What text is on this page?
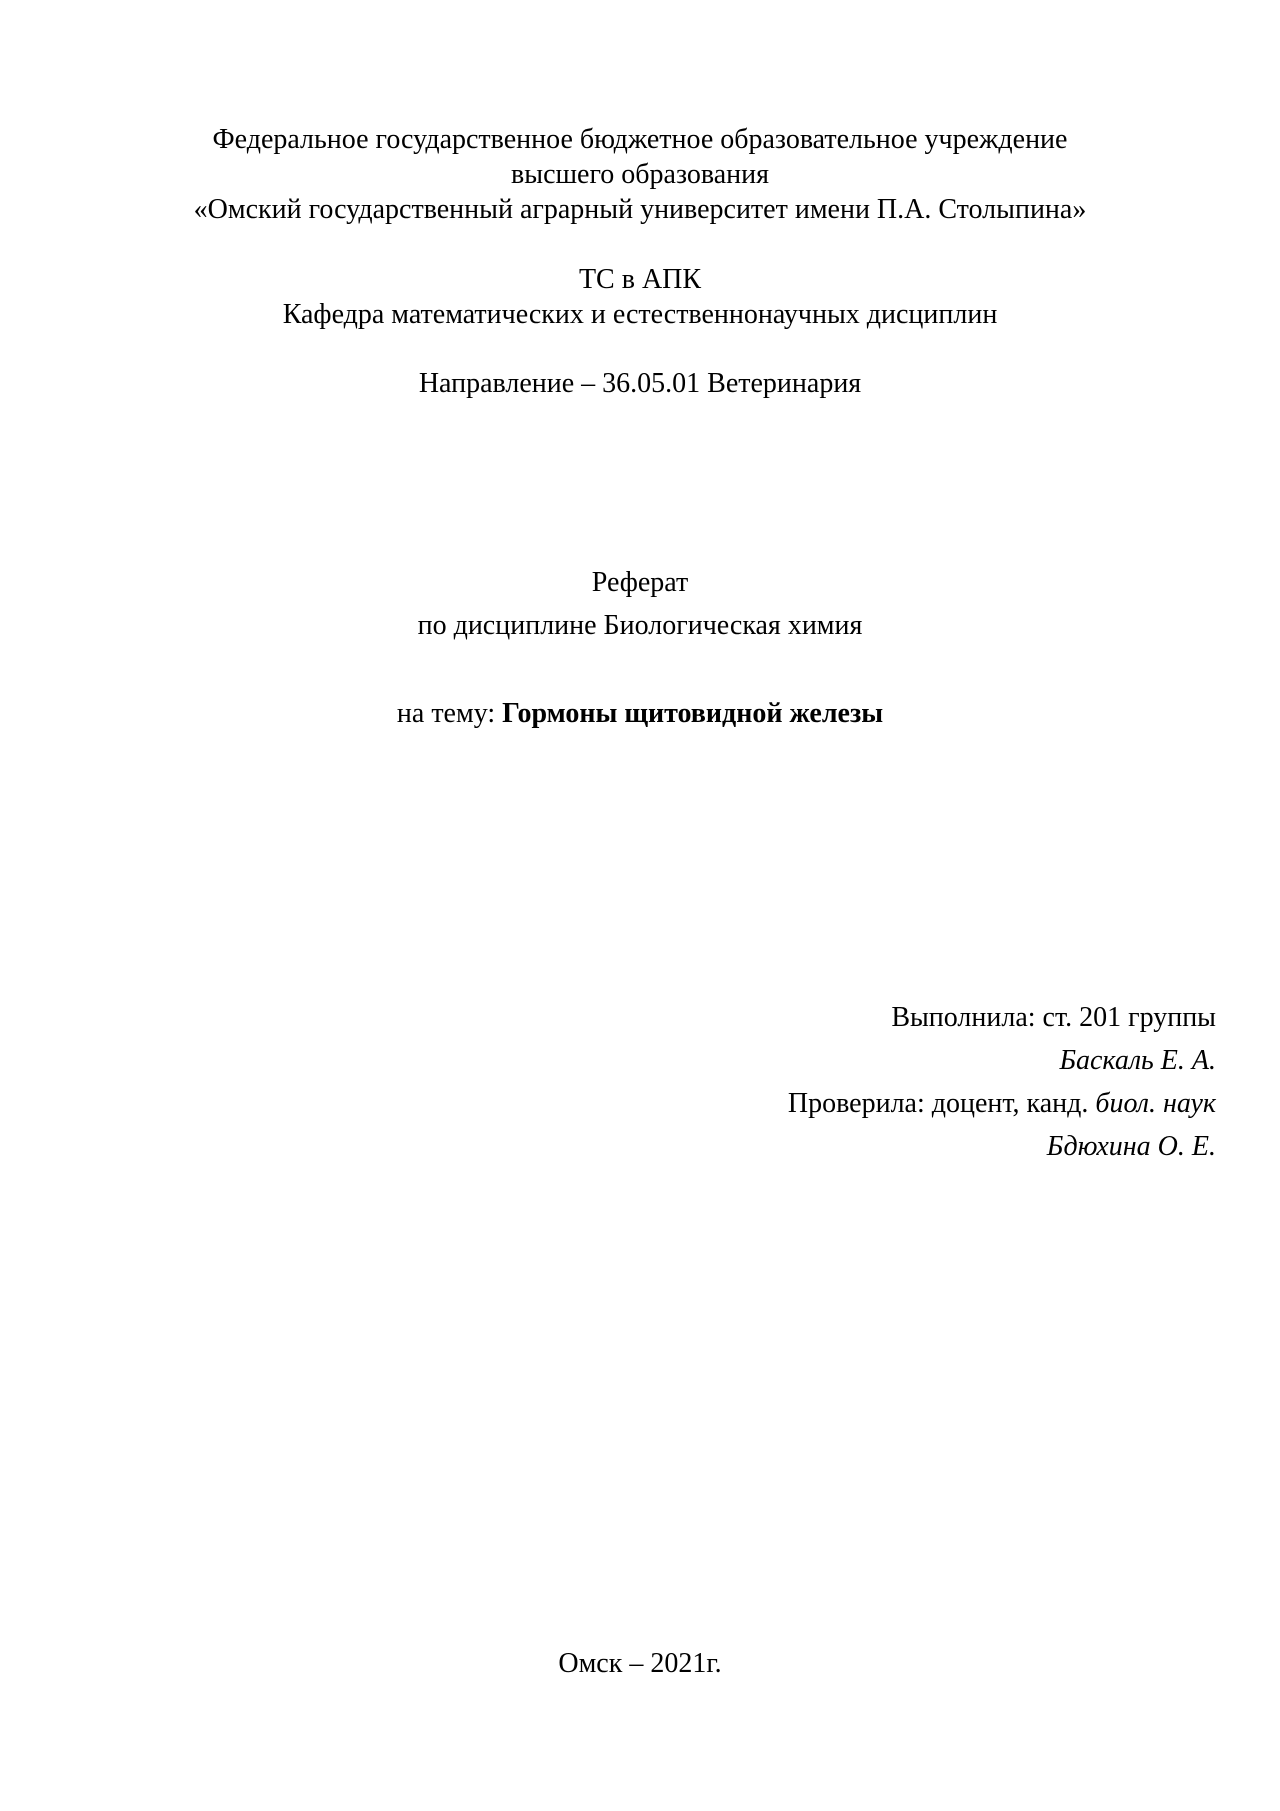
Федеральное государственное бюджетное образовательное учреждение
высшего образования
«Омский государственный аграрный университет имени П.А. Столыпина»
ТС в АПК
Кафедра математических и естественнонаучных дисциплин
Направление – 36.05.01 Ветеринария
Реферат
по дисциплине Биологическая химия
на тему: Гормоны щитовидной железы
Выполнила: ст. 201 группы
Баскаль Е. А.
Проверила: доцент, канд. биол. наук
Бдюхина О. Е.
Омск – 2021г.
